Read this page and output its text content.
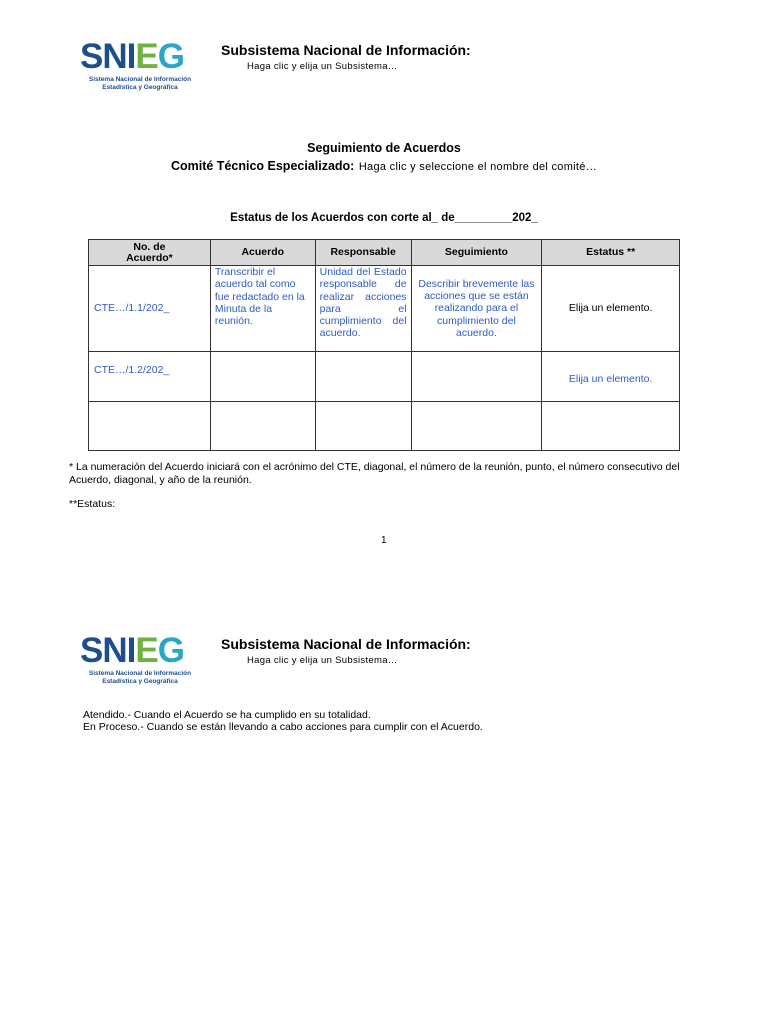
SNIEG
Sistema Nacional de Información
Estadística y Geográfica
Subsistema Nacional de Información:
Haga clic y elija un Subsistema…
Seguimiento de Acuerdos
Comité Técnico Especializado: Haga clic y seleccione el nombre del comité…
Estatus de los Acuerdos con corte al_ de_________202_
No. de Acuerdo*	Acuerdo	Responsable	Seguimiento	Estatus **
CTE…/1.1/202_	Transcribir el acuerdo tal como fue redactado en la Minuta de la reunión.	Unidad del Estado responsable de realizar acciones para el cumplimiento del acuerdo.	Describir brevemente las acciones que se están realizando para el cumplimiento del acuerdo.	Elija un elemento.
CTE…/1.2/202_				Elija un elemento.

* La numeración del Acuerdo iniciará con el acrónimo del CTE, diagonal, el número de la reunión, punto, el número consecutivo del Acuerdo, diagonal, y año de la reunión.
**Estatus:
1
SNIEG
Sistema Nacional de Información
Estadística y Geográfica
Subsistema Nacional de Información:
Haga clic y elija un Subsistema…
Atendido.- Cuando el Acuerdo se ha cumplido en su totalidad.
En Proceso.- Cuando se están llevando a cabo acciones para cumplir con el Acuerdo.
